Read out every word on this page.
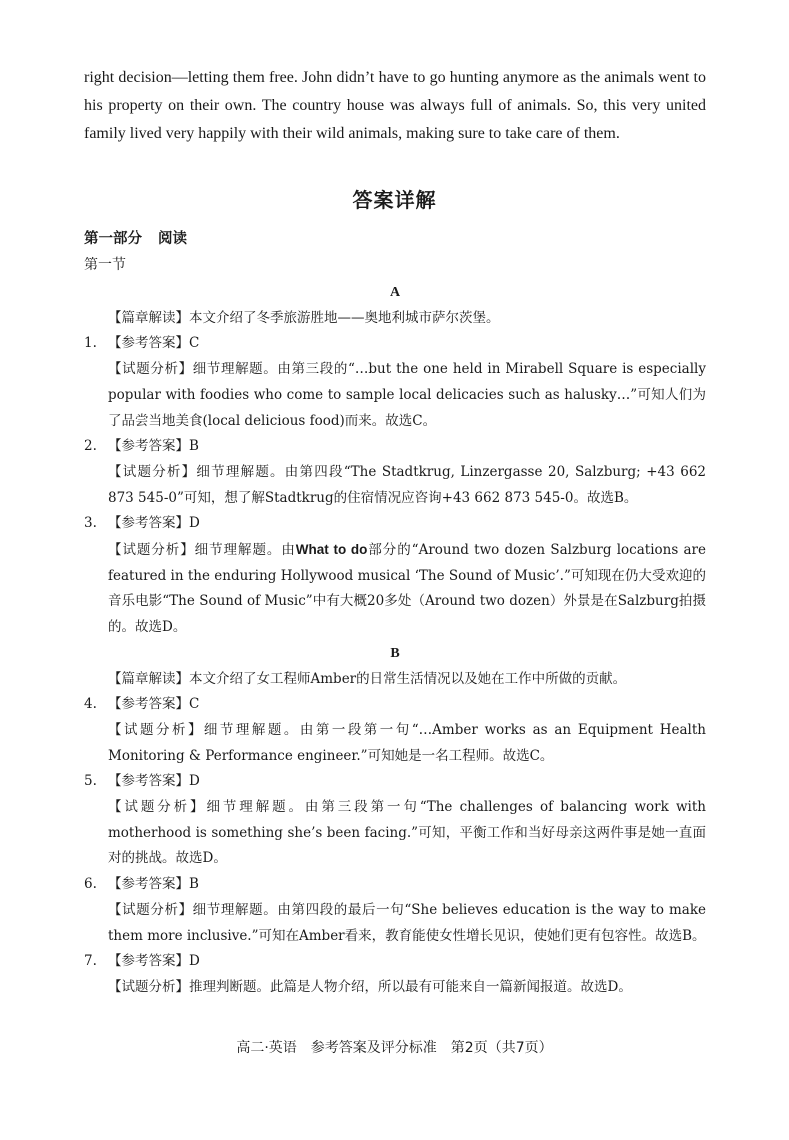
right decision—letting them free. John didn’t have to go hunting anymore as the animals went to his property on their own. The country house was always full of animals. So, this very united family lived very happily with their wild animals, making sure to take care of them.

答案详解
第一部分 阅读
第一节
A
【篇章解读】本文介绍了冬季旅游胜地——奥地利城市萨尔茨堡。
1. 【参考答案】C
【试题分析】细节理解题。由第三段的“…but the one held in Mirabell Square is especially popular with foodies who come to sample local delicacies such as halusky…”可知人们为了品尝当地美食(local delicious food)而来。故选C。
2. 【参考答案】B
【试题分析】细节理解题。由第四段“The Stadtkrug, Linzergasse 20, Salzburg; +43 662 873 545-0”可知，想了解Stadtkrug的住宿情况应咨询+43 662 873 545-0。故选B。
3. 【参考答案】D
【试题分析】细节理解题。由What to do部分的“Around two dozen Salzburg locations are featured in the enduring Hollywood musical ‘The Sound of Music’.”可知现在仍大受欢迎的音乐电影“The Sound of Music”中有大概20多处（Around two dozen）外景是在Salzburg拍摄的。故选D。
B
【篇章解读】本文介绍了女工程师Amber的日常生活情况以及她在工作中所做的贡献。
4. 【参考答案】C
【试题分析】细节理解题。由第一段第一句“…Amber works as an Equipment Health Monitoring & Performance engineer.”可知她是一名工程师。故选C。
5. 【参考答案】D
【试题分析】细节理解题。由第三段第一句“The challenges of balancing work with motherhood is something she’s been facing.”可知，平衡工作和当好母亲这两件事是她一直面对的挑战。故选D。
6. 【参考答案】B
【试题分析】细节理解题。由第四段的最后一句“She believes education is the way to make them more inclusive.”可知在Amber看来，教育能使女性增长见识，使她们更有包容性。故选B。
7. 【参考答案】D
【试题分析】推理判断题。此篇是人物介绍，所以最有可能来自一篇新闻报道。故选D。
高二·英语　参考答案及评分标准　第2页（共7页）
